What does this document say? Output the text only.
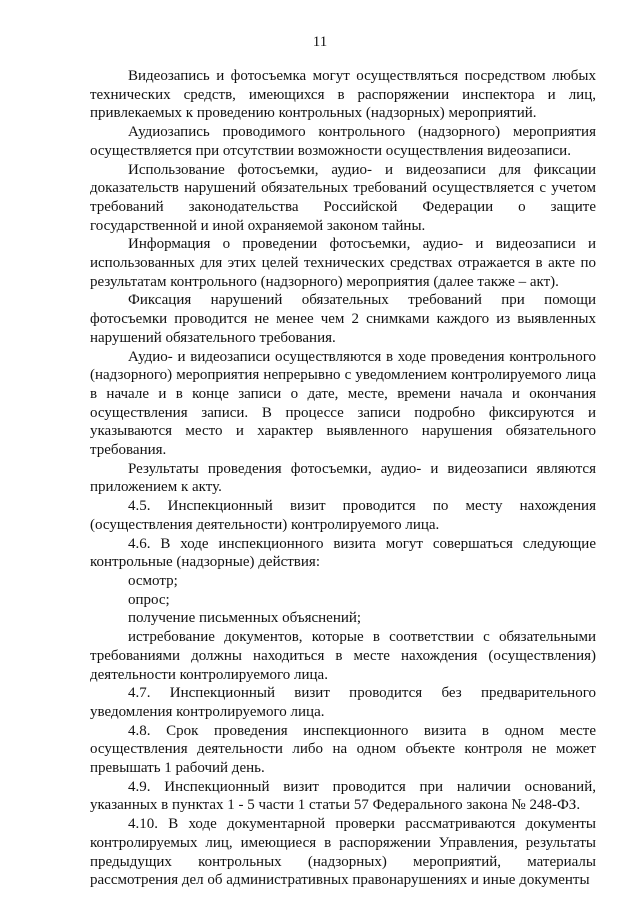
11

Видеозапись и фотосъемка могут осуществляться посредством любых технических средств, имеющихся в распоряжении инспектора и лиц, привлекаемых к проведению контрольных (надзорных) мероприятий.

Аудиозапись проводимого контрольного (надзорного) мероприятия осуществляется при отсутствии возможности осуществления видеозаписи.

Использование фотосъемки, аудио- и видеозаписи для фиксации доказательств нарушений обязательных требований осуществляется с учетом требований законодательства Российской Федерации о защите государственной и иной охраняемой законом тайны.

Информация о проведении фотосъемки, аудио- и видеозаписи и использованных для этих целей технических средствах отражается в акте по результатам контрольного (надзорного) мероприятия (далее также – акт).

Фиксация нарушений обязательных требований при помощи фотосъемки проводится не менее чем 2 снимками каждого из выявленных нарушений обязательного требования.

Аудио- и видеозаписи осуществляются в ходе проведения контрольного (надзорного) мероприятия непрерывно с уведомлением контролируемого лица в начале и в конце записи о дате, месте, времени начала и окончания осуществления записи. В процессе записи подробно фиксируются и указываются место и характер выявленного нарушения обязательного требования.

Результаты проведения фотосъемки, аудио- и видеозаписи являются приложением к акту.

4.5. Инспекционный визит проводится по месту нахождения (осуществления деятельности) контролируемого лица.

4.6. В ходе инспекционного визита могут совершаться следующие контрольные (надзорные) действия:

осмотр;

опрос;

получение письменных объяснений;

истребование документов, которые в соответствии с обязательными требованиями должны находиться в месте нахождения (осуществления) деятельности контролируемого лица.

4.7. Инспекционный визит проводится без предварительного уведомления контролируемого лица.

4.8. Срок проведения инспекционного визита в одном месте осуществления деятельности либо на одном объекте контроля не может превышать 1 рабочий день.

4.9. Инспекционный визит проводится при наличии оснований, указанных в пунктах 1 - 5 части 1 статьи 57 Федерального закона № 248-ФЗ.

4.10. В ходе документарной проверки рассматриваются документы контролируемых лиц, имеющиеся в распоряжении Управления, результаты предыдущих контрольных (надзорных) мероприятий, материалы рассмотрения дел об административных правонарушениях и иные документы
